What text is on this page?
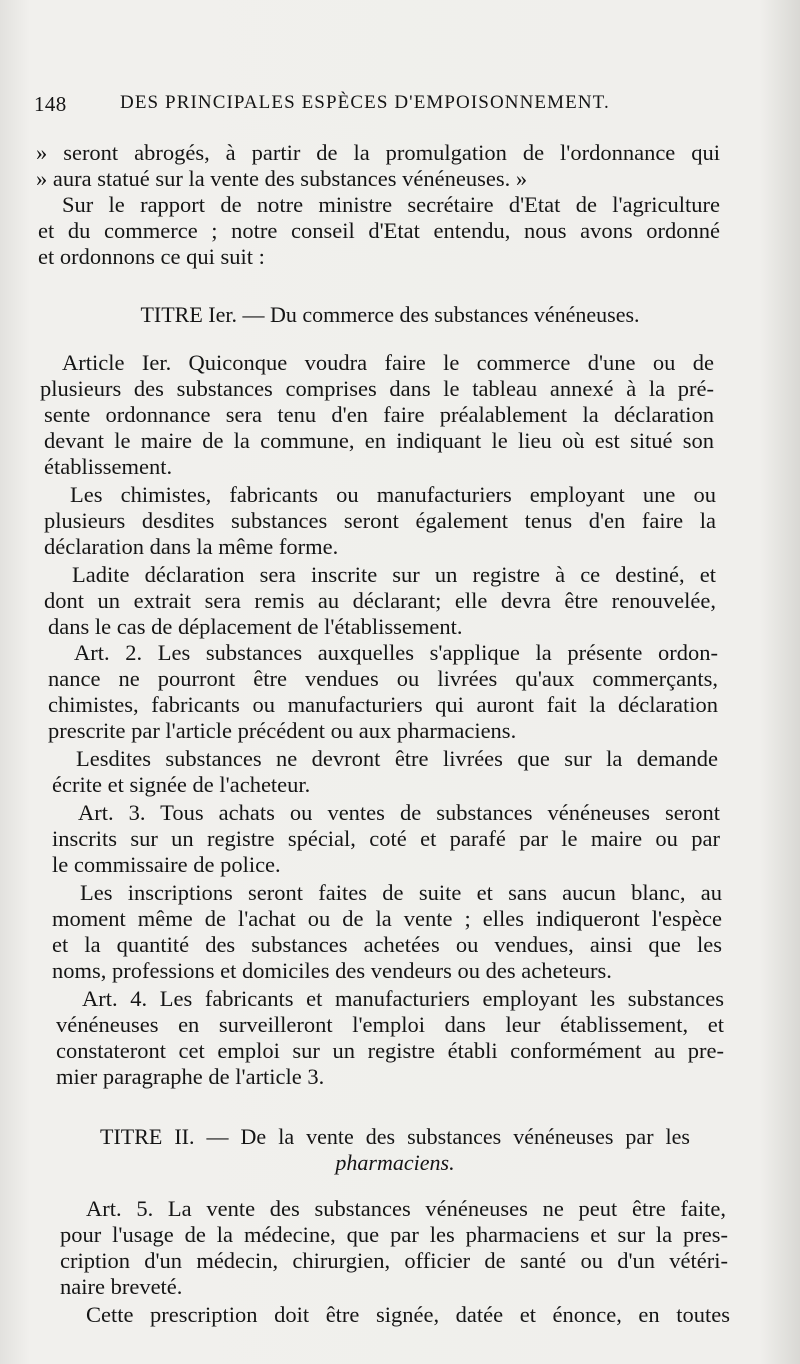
148	DES PRINCIPALES ESPÈCES D'EMPOISONNEMENT.
» seront abrogés, à partir de la promulgation de l'ordonnance qui
» aura statué sur la vente des substances vénéneuses. »
Sur le rapport de notre ministre secrétaire d'Etat de l'agriculture
et du commerce ; notre conseil d'Etat entendu, nous avons ordonné
et ordonnons ce qui suit :
TITRE Ier. — Du commerce des substances vénéneuses.
Article Ier. Quiconque voudra faire le commerce d'une ou de
plusieurs des substances comprises dans le tableau annexé à la pré-
sente ordonnance sera tenu d'en faire préalablement la déclaration
devant le maire de la commune, en indiquant le lieu où est situé son
établissement.
Les chimistes, fabricants ou manufacturiers employant une ou
plusieurs desdites substances seront également tenus d'en faire la
déclaration dans la même forme.
Ladite déclaration sera inscrite sur un registre à ce destiné, et
dont un extrait sera remis au déclarant; elle devra être renouvelée,
dans le cas de déplacement de l'établissement.
Art. 2. Les substances auxquelles s'applique la présente ordon-
nance ne pourront être vendues ou livrées qu'aux commerçants,
chimistes, fabricants ou manufacturiers qui auront fait la déclaration
prescrite par l'article précédent ou aux pharmaciens.
Lesdites substances ne devront être livrées que sur la demande
écrite et signée de l'acheteur.
Art. 3. Tous achats ou ventes de substances vénéneuses seront
inscrits sur un registre spécial, coté et parafé par le maire ou par
le commissaire de police.
Les inscriptions seront faites de suite et sans aucun blanc, au
moment même de l'achat ou de la vente ; elles indiqueront l'espèce
et la quantité des substances achetées ou vendues, ainsi que les
noms, professions et domiciles des vendeurs ou des acheteurs.
Art. 4. Les fabricants et manufacturiers employant les substances
vénéneuses en surveilleront l'emploi dans leur établissement, et
constateront cet emploi sur un registre établi conformément au pre-
mier paragraphe de l'article 3.
TITRE II. — De la vente des substances vénéneuses par les
pharmaciens.
Art. 5. La vente des substances vénéneuses ne peut être faite,
pour l'usage de la médecine, que par les pharmaciens et sur la pres-
cription d'un médecin, chirurgien, officier de santé ou d'un vétéri-
naire breveté.
Cette prescription doit être signée, datée et énonce, en toutes
